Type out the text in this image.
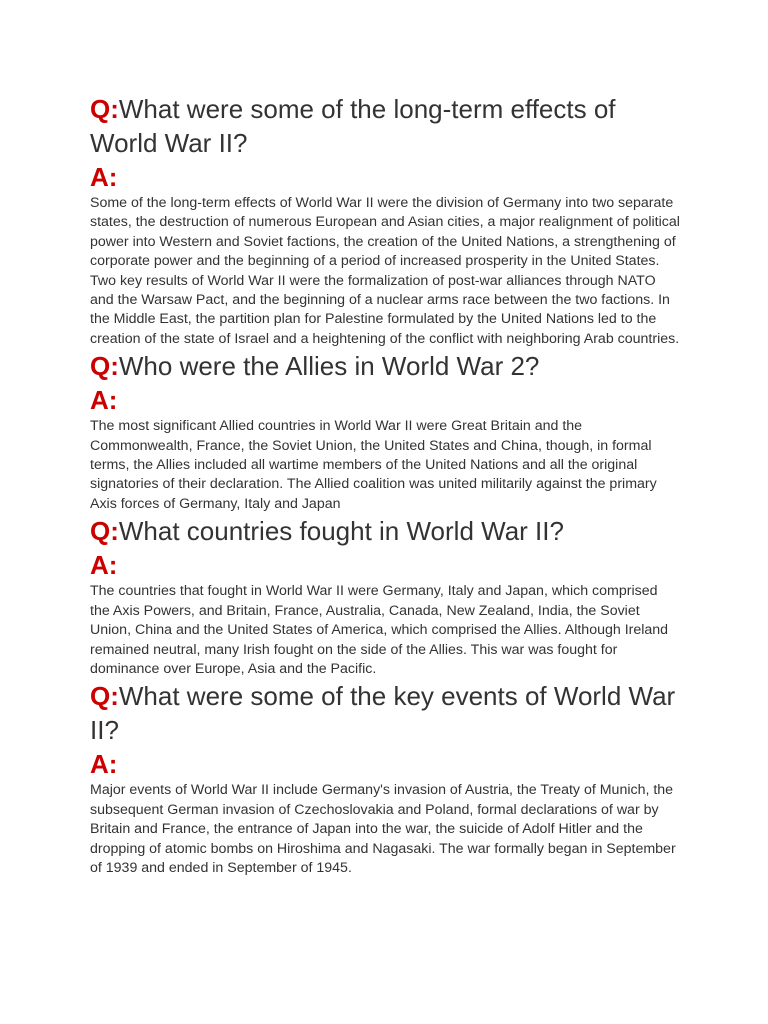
Q:What were some of the long-term effects of World War II?
A:

Some of the long-term effects of World War II were the division of Germany into two separate states, the destruction of numerous European and Asian cities, a major realignment of political power into Western and Soviet factions, the creation of the United Nations, a strengthening of corporate power and the beginning of a period of increased prosperity in the United States. Two key results of World War II were the formalization of post-war alliances through NATO and the Warsaw Pact, and the beginning of a nuclear arms race between the two factions. In the Middle East, the partition plan for Palestine formulated by the United Nations led to the creation of the state of Israel and a heightening of the conflict with neighboring Arab countries.

Q:Who were the Allies in World War 2?
A:

The most significant Allied countries in World War II were Great Britain and the Commonwealth, France, the Soviet Union, the United States and China, though, in formal terms, the Allies included all wartime members of the United Nations and all the original signatories of their declaration. The Allied coalition was united militarily against the primary Axis forces of Germany, Italy and Japan

Q:What countries fought in World War II?
A:

The countries that fought in World War II were Germany, Italy and Japan, which comprised the Axis Powers, and Britain, France, Australia, Canada, New Zealand, India, the Soviet Union, China and the United States of America, which comprised the Allies. Although Ireland remained neutral, many Irish fought on the side of the Allies. This war was fought for dominance over Europe, Asia and the Pacific.

Q:What were some of the key events of World War II?
A:

Major events of World War II include Germany's invasion of Austria, the Treaty of Munich, the subsequent German invasion of Czechoslovakia and Poland, formal declarations of war by Britain and France, the entrance of Japan into the war, the suicide of Adolf Hitler and the dropping of atomic bombs on Hiroshima and Nagasaki. The war formally began in September of 1939 and ended in September of 1945.
